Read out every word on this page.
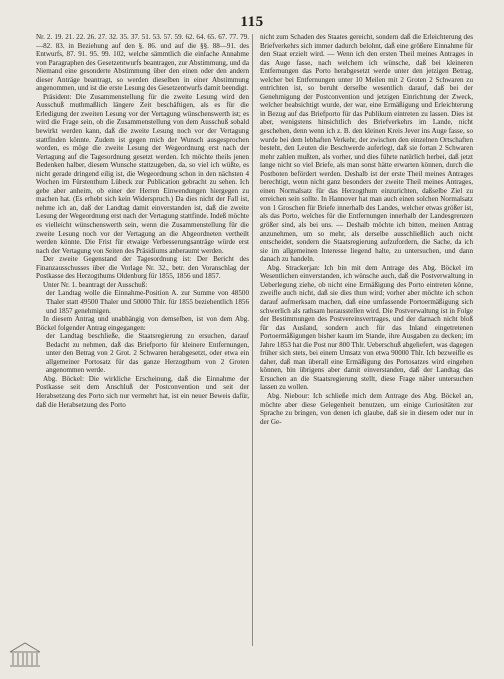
115

Nr. 2. 19. 21. 22. 26. 27. 32. 35. 37. 51. 53. 57. 59. 62. 64. 65. 67. 77. 79.—82. 83. in Beziehung auf den §. 86. und auf die §§. 88—91. des Entwurfs, 87. 91. 95. 99. 102, welche sämmtlich die einfache Annahme von Paragraphen des Gesetzentwurfs beantragen, zur Abstimmung, und da Niemand eine gesonderte Abstimmung über den einen oder den andern dieser Anträge beantragt, so werden dieselben in einer Abstimmung angenommen, und ist die erste Lesung des Gesetzentwurfs damit beendigt.

Präsident: Die Zusammenstellung für die zweite Lesung wird den Ausschuß muthmaßlich längere Zeit beschäftigen, als es für die Erledigung der zweiten Lesung vor der Vertagung wünschenswerth ist; es wird die Frage sein, ob die Zusammenstellung von dem Ausschuß sobald bewirkt werden kann, daß die zweite Lesung noch vor der Vertagung stattfinden könnte. Zudem ist gegen mich der Wunsch ausgesprochen worden, es möge die zweite Lesung der Wegeordnung erst nach der Vertagung auf die Tagesordnung gesetzt werden. Ich möchte theils jenen Bedenken halber, diesem Wunsche stattzugeben, da, so viel ich wüßte, es nicht gerade dringend eilig ist, die Wegeordnung schon in den nächsten 4 Wochen im Fürstenthum Lübeck zur Publication gebracht zu sehen. Ich gebe aber anheim, ob einer der Herren Einwendungen hiergegen zu machen hat. (Es erhebt sich kein Widerspruch.) Da dies nicht der Fall ist, nehme ich an, daß der Landtag damit einverstanden ist, daß die zweite Lesung der Wegeordnung erst nach der Vertagung stattfinde. Indeß möchte es vielleicht wünschenswerth sein, wenn die Zusammenstellung für die zweite Lesung noch vor der Vertagung an die Abgeordneten vertheilt werden könnte. Die Frist für etwaige Verbesserungsanträge würde erst nach der Vertagung von Seiten des Präsidiums anberaumt werden.

Der zweite Gegenstand der Tagesordnung ist: Der Bericht des Finanzausschusses über die Vorlage Nr. 32., betr. den Voranschlag der Postkasse des Herzogthums Oldenburg für 1855, 1856 und 1857.

Unter Nr. 1. beantragt der Ausschuß:

der Landtag wolle die Einnahme-Position A. zur Summe von 48500 Thaler statt 49500 Thaler und 50000 Thlr. für 1855 beziehentlich 1856 und 1857 genehmigen.

In diesem Antrag und unabhängig von demselben, ist von dem Abg. Böckel folgender Antrag eingegangen:

der Landtag beschließe, die Staatsregierung zu ersuchen, darauf Bedacht zu nehmen, daß das Briefporto für kleinere Entfernungen, unter den Betrag von 2 Grot. 2 Schwaren herabgesetzt, oder etwa ein allgemeiner Portosatz für das ganze Herzogthum von 2 Groten angenommen werde.

Abg. Böckel: Die wirkliche Erscheinung, daß die Einnahme der Postkasse seit dem Anschluß der Postconvention und seit der Herabsetzung des Porto sich nur vermehrt hat, ist ein neuer Beweis dafür, daß die Herabsetzung des Porto

nicht zum Schaden des Staates gereicht, sondern daß die Erleichterung des Briefverkehrs sich immer dadurch belohnt, daß eine größere Einnahme für den Staat erzielt wird. — Wenn ich den ersten Theil meines Antrages in das Auge fasse, nach welchem ich wünsche, daß bei kleineren Entfernungen das Porto herabgesetzt werde unter den jetzigen Betrag, welcher bei Entfernungen unter 10 Meilen mit 2 Groten 2 Schwaren zu entrichten ist, so beruht derselbe wesentlich darauf, daß bei der Genehmigung der Postconvention und jetzigen Einrichtung der Zweck, welcher beabsichtigt wurde, der war, eine Ermäßigung und Erleichterung in Bezug auf das Briefporto für das Publikum eintreten zu lassen. Dies ist aber, wenigstens hinsichtlich des Briefverkehrs im Lande, nicht geschehen, denn wenn ich z. B. den kleinen Kreis Jever ins Auge fasse, so wurde bei dem lebhaften Verkehr, der zwischen den einzelnen Ortschaften besteht, den Leuten die Beschwerde auferlegt, daß sie fortan 2 Schwaren mehr zahlen mußten, als vorher, und dies führte natürlich herbei, daß jetzt lange nicht so viel Briefe, als man sonst hätte erwarten können, durch die Postboten befördert werden. Deshalb ist der erste Theil meines Antrages berechtigt, wenn nicht ganz besonders der zweite Theil meines Antrages, einen Normalsatz für das Herzogthum einzurichten, daßselbe Ziel zu erreichen sein sollte. In Hannover hat man auch einen solchen Normalsatz von 1 Groschen für Briefe innerhalb des Landes, welcher etwas größer ist, als das Porto, welches für die Entfernungen innerhalb der Landesgrenzen größer sind, als bei uns. — Deshalb möchte ich bitten, meinen Antrag anzunehmen, um so mehr, als derselbe ausschließlich auch nicht entscheidet, sondern die Staatsregierung aufzufordern, die Sache, da ich sie im allgemeinen Interesse liegend halte, zu untersuchen, und dann danach zu handeln.

Abg. Strackerjan: Ich bin mit dem Antrage des Abg. Böckel im Wesentlichen einverstanden, ich wünsche auch, daß die Postverwaltung in Ueberlegung ziehe, ob nicht eine Ermäßigung des Porto eintreten könne, zweifle auch nicht, daß sie dies thun wird; vorher aber möchte ich schon darauf aufmerksam machen, daß eine umfassende Portoermäßigung sich schwerlich als rathsam herausstellen wird. Die Postverwaltung ist in Folge der Bestimmungen des Postvereinsvertrages, und der darnach nicht bloß für das Ausland, sondern auch für das Inland eingetretenen Portoermäßigungen bisher kaum im Stande, ihre Ausgaben zu decken; im Jahre 1853 hat die Post nur 800 Thlr. Ueberschuß abgeliefert, was dagegen früher sich stets, bei einem Umsatz von etwa 90000 Thlr. Ich bezweifle es daher, daß man überall eine Ermäßigung des Portosatzes wird eingehen können, bin übrigens aber damit einverstanden, daß der Landtag das Ersuchen an die Staatsregierung stellt, diese Frage näher untersuchen lassen zu wollen.

Abg. Niebour: Ich schließe mich dem Antrage des Abg. Böckel an, möchte aber diese Gelegenheit benutzen, um einige Curiositäten zur Sprache zu bringen, von denen ich glaube, daß sie in diesem oder nur in der Ge-
